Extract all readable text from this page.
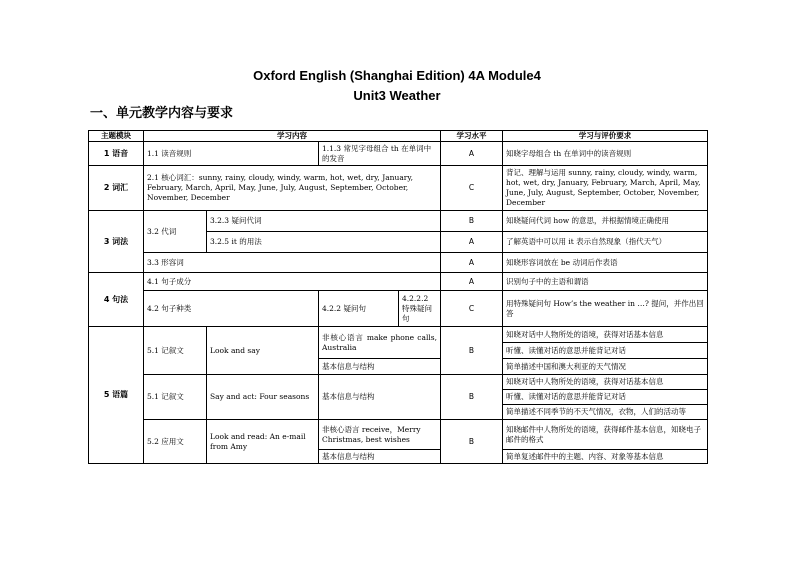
Oxford English (Shanghai Edition) 4A Module4
Unit3 Weather
一、单元教学内容与要求
主题模块	学习内容				学习水平	学习与评价要求
1 语音	1.1 读音规则		1.1.3 常见字母组合 th 在单词中的发音		A	知晓字母组合 th 在单词中的读音规则
2 词汇	2.1 核心词汇：sunny, rainy, cloudy, windy, warm, hot, wet, dry, January, February, March, April, May, June, July, August, September, October, November, December				C	背记、理解与运用 sunny, rainy, cloudy, windy, warm, hot, wet, dry, January, February, March, April, May, June, July, August, September, October, November, December
3 词法	3.2 代词	3.2.3 疑问代词			B	知晓疑问代词 how 的意思，并根据情境正确使用
		3.2.5 it 的用法			A	了解英语中可以用 it 表示自然现象（指代天气）
	3.3 形容词				A	知晓形容词放在 be 动词后作表语
4 句法	4.1 句子成分				A	识别句子中的主语和谓语
	4.2 句子种类		4.2.2 疑问句	4.2.2.2 特殊疑问句	C	用特殊疑问句 How’s the weather in …? 提问，并作出回答
5 语篇	5.1 记叙文	Look and say	非核心语言 make phone calls, Australia		B	知晓对话中人物所处的语境，获得对话基本信息
						听懂、读懂对话的意思并能背记对话
			基本信息与结构			简单描述中国和澳大利亚的天气情况
	5.1 记叙文	Say and act: Four seasons	基本信息与结构		B	知晓对话中人物所处的语境，获得对话基本信息
						听懂、读懂对话的意思并能背记对话
						简单描述不同季节的不天气情况，衣物，人们的活动等
	5.2 应用文	Look and read: An e-mail from Amy	非核心语言 receive，Merry Christmas, best wishes		B	知晓邮件中人物所处的语境，获得邮件基本信息，知晓电子邮件的格式
			基本信息与结构			简单复述邮件中的主题、内容、对象等基本信息
